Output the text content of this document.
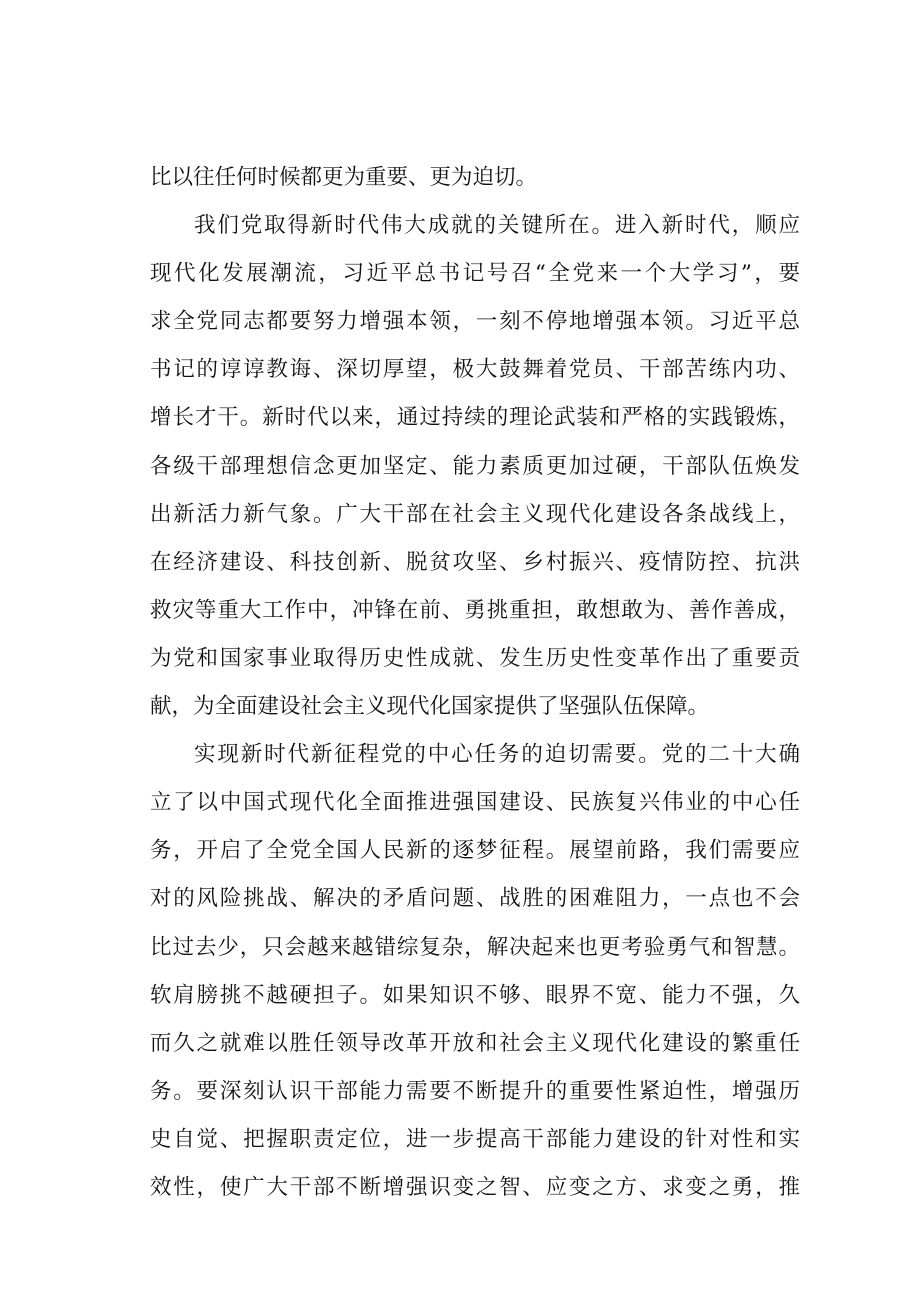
比以往任何时候都更为重要、更为迫切。
我们党取得新时代伟大成就的关键所在。进入新时代，顺应
现代化发展潮流，习近平总书记号召“全党来一个大学习”，要
求全党同志都要努力增强本领，一刻不停地增强本领。习近平总
书记的谆谆教诲、深切厚望，极大鼓舞着党员、干部苦练内功、
增长才干。新时代以来，通过持续的理论武装和严格的实践锻炼，
各级干部理想信念更加坚定、能力素质更加过硬，干部队伍焕发
出新活力新气象。广大干部在社会主义现代化建设各条战线上，
在经济建设、科技创新、脱贫攻坚、乡村振兴、疫情防控、抗洪
救灾等重大工作中，冲锋在前、勇挑重担，敢想敢为、善作善成，
为党和国家事业取得历史性成就、发生历史性变革作出了重要贡
献，为全面建设社会主义现代化国家提供了坚强队伍保障。
实现新时代新征程党的中心任务的迫切需要。党的二十大确
立了以中国式现代化全面推进强国建设、民族复兴伟业的中心任
务，开启了全党全国人民新的逐梦征程。展望前路，我们需要应
对的风险挑战、解决的矛盾问题、战胜的困难阻力，一点也不会
比过去少，只会越来越错综复杂，解决起来也更考验勇气和智慧。
软肩膀挑不越硬担子。如果知识不够、眼界不宽、能力不强，久
而久之就难以胜任领导改革开放和社会主义现代化建设的繁重任
务。要深刻认识干部能力需要不断提升的重要性紧迫性，增强历
史自觉、把握职责定位，进一步提高干部能力建设的针对性和实
效性，使广大干部不断增强识变之智、应变之方、求变之勇，推
